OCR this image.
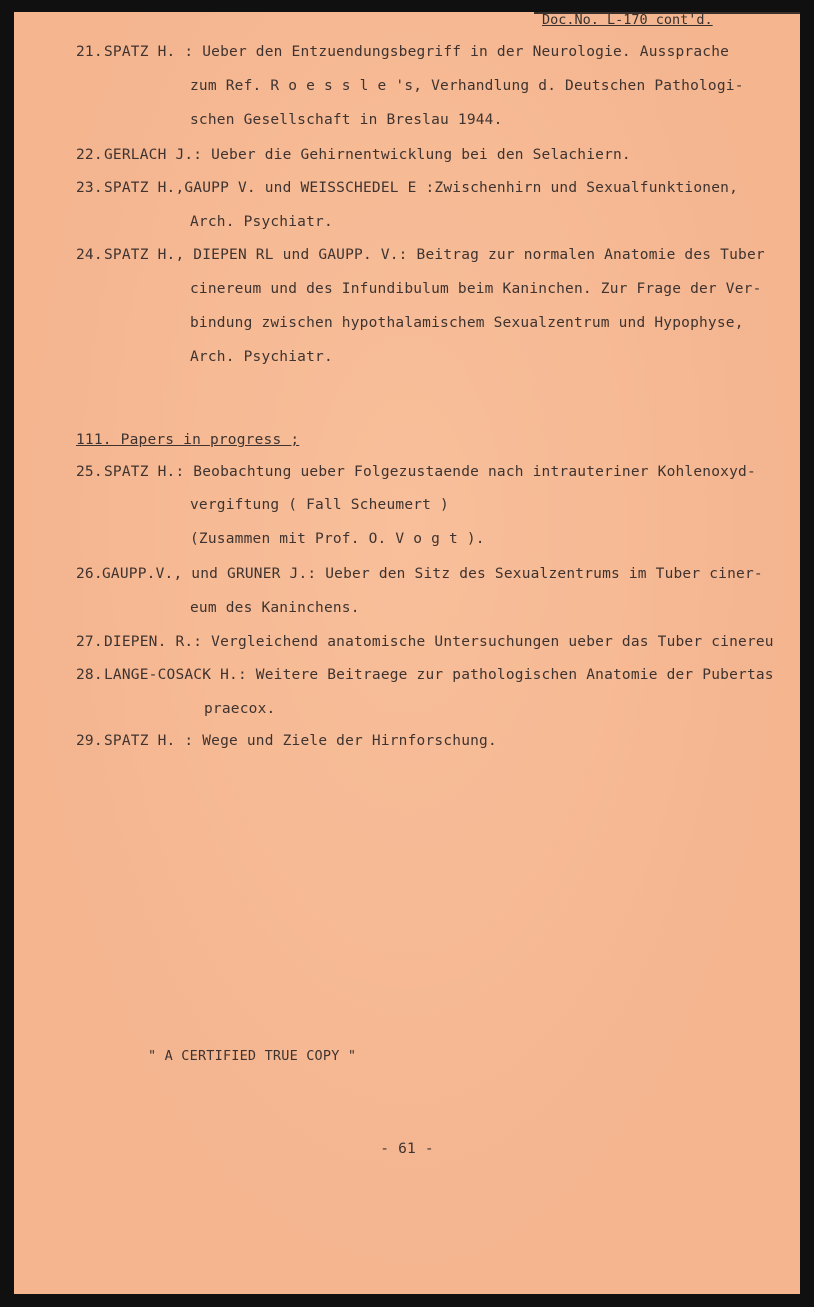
Doc.No. L-170 cont'd.
21. SPATZ H. : Ueber den Entzuendungsbegriff in der Neurologie. Aussprache
zum Ref. R o e s s l e 's, Verhandlung d. Deutschen Pathologi-
schen Gesellschaft in Breslau 1944.
22. GERLACH J.: Ueber die Gehirnentwicklung bei den Selachiern.
23. SPATZ H.,GAUPP V. und WEISSCHEDEL E :Zwischenhirn und Sexualfunktionen,
Arch. Psychiatr.
24. SPATZ H., DIEPEN RL und GAUPP. V.: Beitrag zur normalen Anatomie des Tuber
cinereum und des Infundibulum beim Kaninchen. Zur Frage der Ver-
bindung zwischen hypothalamischem Sexualzentrum und Hypophyse,
Arch. Psychiatr.
111. Papers in progress ;
25. SPATZ H.: Beobachtung ueber Folgezustaende nach intrauteriner Kohlenoxyd-
vergiftung ( Fall Scheumert )
(Zusammen mit Prof. O. V o g t ).
26. GAUPP.V., und GRUNER J.: Ueber den Sitz des Sexualzentrums im Tuber ciner-
eum des Kaninchens.
27. DIEPEN. R.: Vergleichend anatomische Untersuchungen ueber das Tuber cinereu
28. LANGE-COSACK H.: Weitere Beitraege zur pathologischen Anatomie der Pubertas
praecox.
29. SPATZ H. : Wege und Ziele der Hirnforschung.
" A CERTIFIED TRUE COPY "
- 61 -
